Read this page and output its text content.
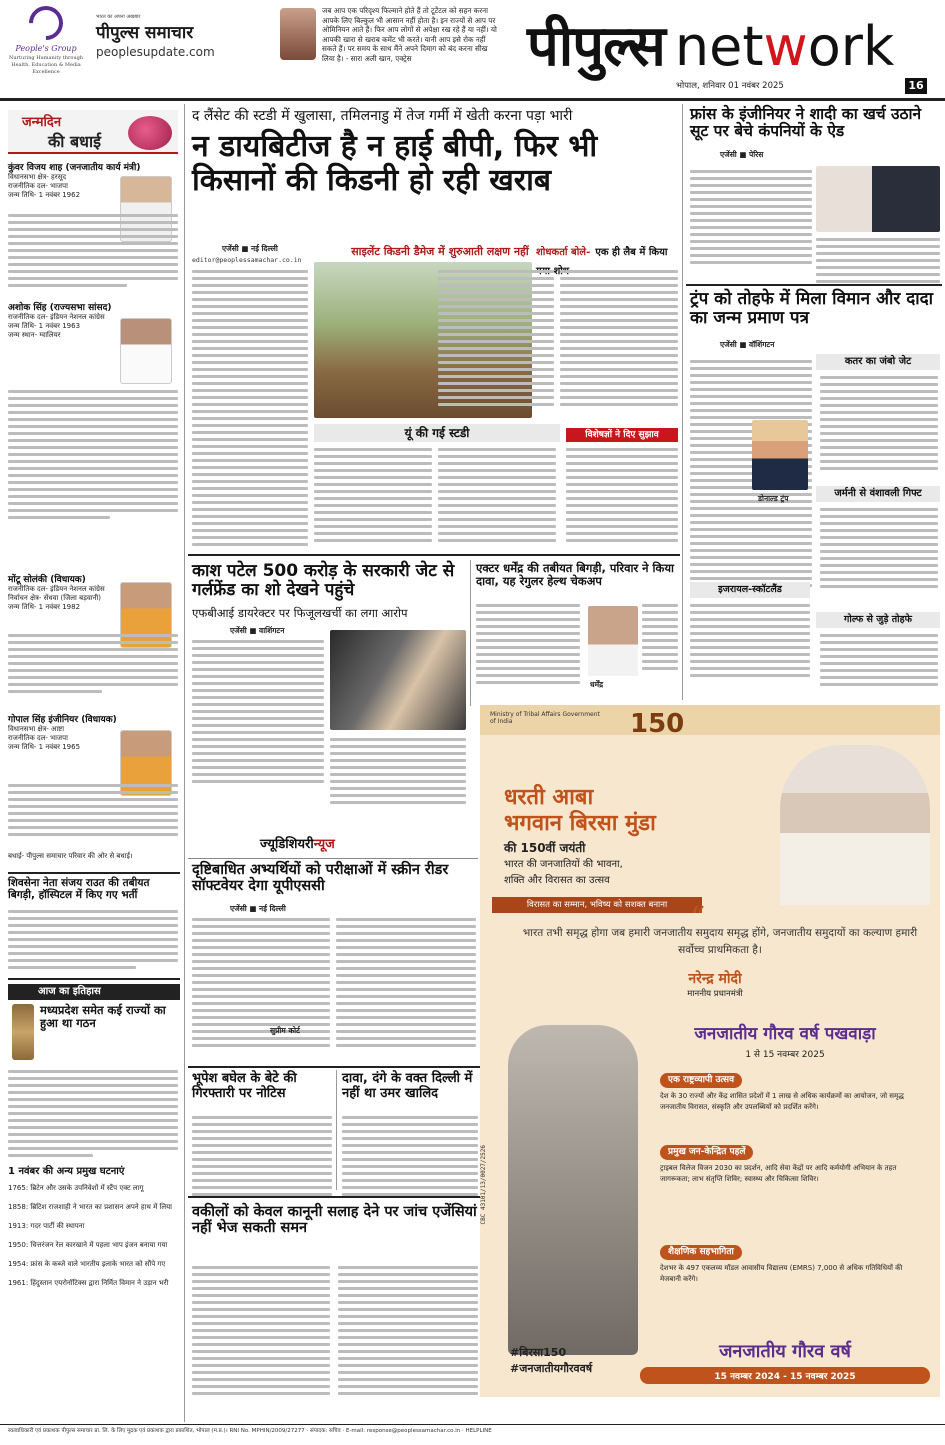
People's Group
Nurturing Humanity through Health, Education & Media Excellence
भारत का अपना अखबार
पीपुल्स समाचार
peoplesupdate.com
जब आप एक परिदृश्य फिल्माने होते हैं तो टूटेंटल को सहन करना आपके लिए बिल्कुल भी आसान नहीं होता है। इन राज्यों से आप पर ओमिनियन आते हैं। फिर आप लोगों से अपेक्षा रख रहे हैं या नहीं। यो आपकी खारा से खराब कमेंट भी करते। यानी आप इसे रोक नहीं सकते हैं। पर समय के साथ मैंने अपने दिमाग को बंद करना सीख लिया है। - सारा अली खान, एक्ट्रेस	पीपुल्स network
भोपाल, शनिवार 01 नवंबर 2025	16
जन्मदिन
की बधाई
कुंवर विजय शाह (जनजातीय कार्य मंत्री)
विधानसभा क्षेत्र- हरसूद
राजनीतिक दल- भाजपा
जन्म तिथि- 1 नवंबर 1962
अशोक सिंह (राज्यसभा सांसद)
राजनीतिक दल- इंडियन नेशनल कांग्रेस
जन्म तिथि- 1 नवंबर 1963
जन्म स्थान- ग्वालियर
मोंटू सोलंकी (विधायक)
राजनीतिक दल- इंडियन नेशनल कांग्रेस
निर्वाचन क्षेत्र- सेंधवा (जिला बड़वानी)
जन्म तिथि- 1 नवंबर 1982
गोपाल सिंह इंजीनियर (विधायक)
विधानसभा क्षेत्र- आष्टा
राजनीतिक दल- भाजपा
जन्म तिथि- 1 नवंबर 1965
बधाई- पीपुल्स समाचार परिवार की ओर से बधाई।
शिवसेना नेता संजय राउत की तबीयत बिगड़ी, हॉस्पिटल में किए गए भर्ती
आज का इतिहास
मध्यप्रदेश समेत कई राज्यों का हुआ था गठन
1 नवंबर की अन्य प्रमुख घटनाएं
1765: ब्रिटेन और उसके उपनिवेशों में स्टैंप एक्ट लागू
1858: ब्रिटिश राजशाही ने भारत का प्रशासन अपने हाथ में लिया
1913: गदर पार्टी की स्थापना
1950: चित्तरंजन रेल कारखाने में पहला भाप इंजन बनाया गया
1954: फ्रांस के कब्जे वाले भारतीय इलाके भारत को सौंपे गए
1961: हिंदुस्तान एयरोनॉटिक्स द्वारा निर्मित विमान ने उड़ान भरी
द लैंसेट की स्टडी में खुलासा, तमिलनाडु में तेज गर्मी में खेती करना पड़ा भारी
न डायबिटीज है न हाई बीपी, फिर भी किसानों की किडनी हो रही खराब
साइलेंट किडनी डैमेज में शुरुआती लक्षण नहीं
एजेंसी ■ नई दिल्ली
editor@peoplessamachar.co.in
शोधकर्ता बोले- एक ही लैब में किया
यूं की गई स्टडी	विशेषज्ञों ने दिए सुझाव
काश पटेल 500 करोड़ के सरकारी जेट से गर्लफ्रेंड का शो देखने पहुंचे
एफबीआई डायरेक्टर पर फिजूलखर्ची का लगा आरोप
एजेंसी ■ वाशिंगटन
एक्टर धर्मेंद्र की तबीयत बिगड़ी, परिवार ने किया दावा, यह रेगुलर हेल्थ चेकअप
धर्मेंद्र
ज्यूडिशियरीन्यूज
दृष्टिबाधित अभ्यर्थियों को परीक्षाओं में स्क्रीन रीडर सॉफ्टवेयर देगा यूपीएससी
एजेंसी ■ नई दिल्ली
सुप्रीम कोर्ट
भूपेश बघेल के बेटे की गिरफ्तारी पर नोटिस
दावा, दंगे के वक्त दिल्ली में नहीं था उमर खालिद
वकीलों को केवल कानूनी सलाह देने पर जांच एजेंसियां नहीं भेज सकती समन
फ्रांस के इंजीनियर ने शादी का खर्च उठाने सूट पर बेचे कंपनियों के ऐड
एजेंसी ■ पेरिस
ट्रंप को तोहफे में मिला विमान और दादा का जन्म प्रमाण पत्र
एजेंसी ■ वॉशिंगटन
डोनाल्ड ट्रंप
कतर का जंबो जेट
जर्मनी से वंशावली गिफ्ट
इजरायल-स्कॉटलैंड
गोल्फ से जुड़े तोहफे
Ministry of Tribal Affairs Government of India	150
धरती आबा
भगवान बिरसा मुंडा
की 150वीं जयंती
भारत की जनजातियों की भावना,
शक्ति और विरासत का उत्सव
विरासत का सम्मान, भविष्य को सशक्त बनाना “
भारत तभी समृद्ध होगा जब हमारी जनजातीय समुदाय समृद्ध होंगे, जनजातीय समुदायों का कल्याण हमारी सर्वोच्च प्राथमिकता है।
नरेन्द्र मोदी
माननीय प्रधानमंत्री
CBC 43101/13/0027/2526
जनजातीय गौरव वर्ष पखवाड़ा
1 से 15 नवम्बर 2025
एक राष्ट्रव्यापी उत्सव
देश के 30 राज्यों और केंद्र शासित प्रदेशों में 1 लाख से अधिक कार्यक्रमों का आयोजन, जो समृद्ध जनजातीय विरासत, संस्कृति और उपलब्धियों को प्रदर्शित करेंगे।
प्रमुख जन-केन्द्रित पहलें
ट्राइबल विलेज विजन 2030 का प्रदर्शन, आदि सेवा केंद्रों पर आदि कर्मयोगी अभियान के तहत जागरूकता; लाभ संतृप्ति शिविर; स्वास्थ्य और चिकित्सा शिविर।
शैक्षणिक सहभागिता
देशभर के 497 एकलव्य मॉडल आवासीय विद्यालय (EMRS) 7,000 से अधिक गतिविधियों की मेजबानी करेंगे।
#बिरसा150
#जनजातीयगौरववर्ष
जनजातीय गौरव वर्ष
15 नवम्बर 2024 - 15 नवम्बर 2025
स्वत्वाधिकारी एवं प्रकाशक पीपुल्स समाचार प्रा. लि. के लिए मुद्रक एवं प्रकाशक द्वारा प्रकाशित, भोपाल (म.प्र.)। RNI No. MPHIN/2009/27277 · संपादक: सचिव · E-mail: response@peoplessamachar.co.in · HELPLINE
